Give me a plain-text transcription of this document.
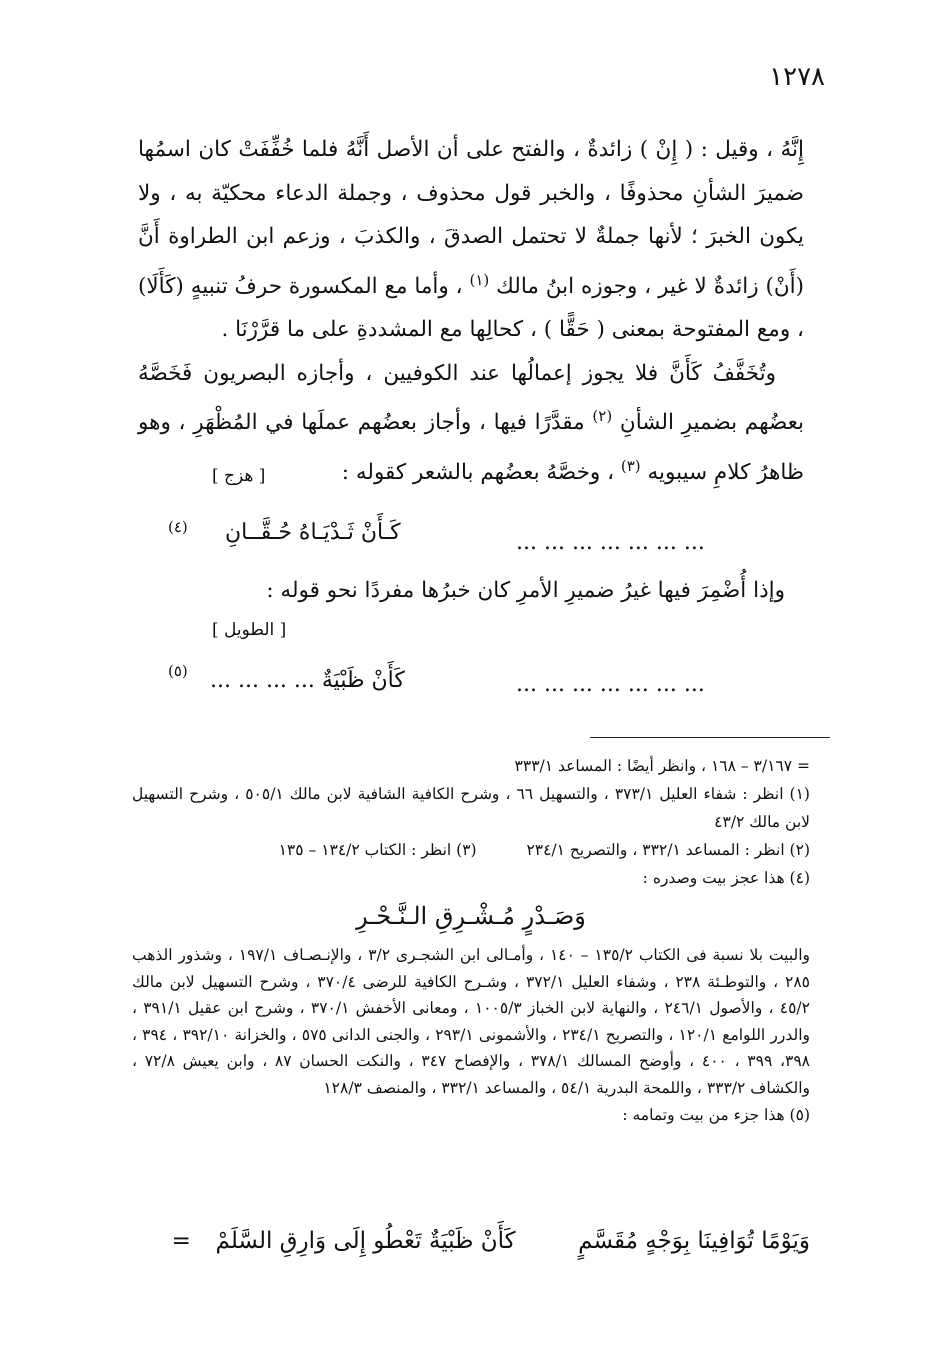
١٢٧٨

إِنَّهُ ، وقيل : ( إِنْ ) زائدةٌ ، والفتح على أن الأصل أَنَّهُ فلما خُفِّفَتْ كان اسمُها ضميرَ الشأنِ محذوفًا ، والخبر قول محذوف ، وجملة الدعاء محكيّة به ، ولا يكون الخبرَ ؛ لأنها جملةٌ لا تحتمل الصدقَ ، والكذبَ ، وزعم ابن الطراوة أَنَّ (أَنْ) زائدةٌ لا غير ، وجوزه ابنُ مالك $^{(١)}$ ، وأما مع المكسورة حرفُ تنبيهٍ (كَأَلَا) ، ومع المفتوحة بمعنى ( حَقًّا ) ، كحالِها مع المشددةِ على ما قرَّرْنَا .

وتُخَفَّفُ كَأَنَّ فلا يجوز إعمالُها عند الكوفيين ، وأجازه البصريون فَخَصَّهُ بعضُهم بضميرِ الشأنِ $^{(٢)}$ مقدَّرًا فيها ، وأجاز بعضُهم عملَها في المُظْهَرِ ، وهو ظاهرُ كلامِ سيبويه $^{(٣)}$ ، وخصَّهُ بعضُهم بالشعر كقوله :

[ هزج ]
كَـأَنْ ثَـدْيَـاهُ حُـقَّــانِ
(٤)
... ... ... ... ... ... ...
وإذا أُضْمِرَ فيها غيرُ ضميرِ الأمرِ كان خبرُها مفردًا نحو قوله :
[ الطويل ]
كَأَنْ ظَبْيَةٌ ... ... ... ...
(٥)
... ... ... ... ... ... ...

= ٣/١٦٧ – ١٦٨ ، وانظر أيضًا : المساعد ٣٣٣/١

(١) انظر : شفاء العليل ٣٧٣/١ ، والتسهيل ٦٦ ، وشرح الكافية الشافية لابن مالك ٥٠٥/١ ، وشرح التسهيل لابن مالك ٤٣/٢

(٢) انظر : المساعد ٣٣٢/١ ، والتصريح ٢٣٤/١  (٣) انظر : الكتاب ١٣٤/٢ – ١٣٥

(٤) هذا عجز بيت وصدره :

وَصَـدْرٍ مُـشْـرِقِ الـنَّـحْـرِ

والبيت بلا نسبة فى الكتاب ١٣٥/٢ – ١٤٠ ، وأمـالى ابن الشجـرى ٣/٢ ، والإنـصـاف ١٩٧/١ ، وشذور الذهب ٢٨٥ ، والتوطـئة ٢٣٨ ، وشفاء العليل ٣٧٢/١ ، وشـرح الكافية للرضى ٣٧٠/٤ ، وشرح التسهيل لابن مالك ٤٥/٢ ، والأصول ٢٤٦/١ ، والنهاية لابن الخباز ١٠٠٥/٣ ، ومعانى الأخفش ٣٧٠/١ ، وشرح ابن عقيل ٣٩١/١ ، والدرر اللوامع ١٢٠/١ ، والتصريح ٢٣٤/١ ، والأشمونى ٢٩٣/١ ، والجنى الدانى ٥٧٥ ، والخزانة ٣٩٢/١٠ ، ٣٩٤ ، ٣٩٨، ٣٩٩ ، ٤٠٠ ، وأوضح المسالك ٣٧٨/١ ، والإفصاح ٣٤٧ ، والنكت الحسان ٨٧ ، وابن يعيش ٧٢/٨ ، والكشاف ٣٣٣/٢ ، واللمحة البدرية ٥٤/١ ، والمساعد ٣٣٢/١ ، والمنصف ١٢٨/٣

(٥) هذا جزء من بيت وتمامه :

وَيَوْمًا تُوَافِينَا بِوَجْهٍ مُقَسَّمٍ  كَأَنْ ظَبْيَةٌ تَعْطُو إِلَى وَارِقِ السَّلَمْ  =
